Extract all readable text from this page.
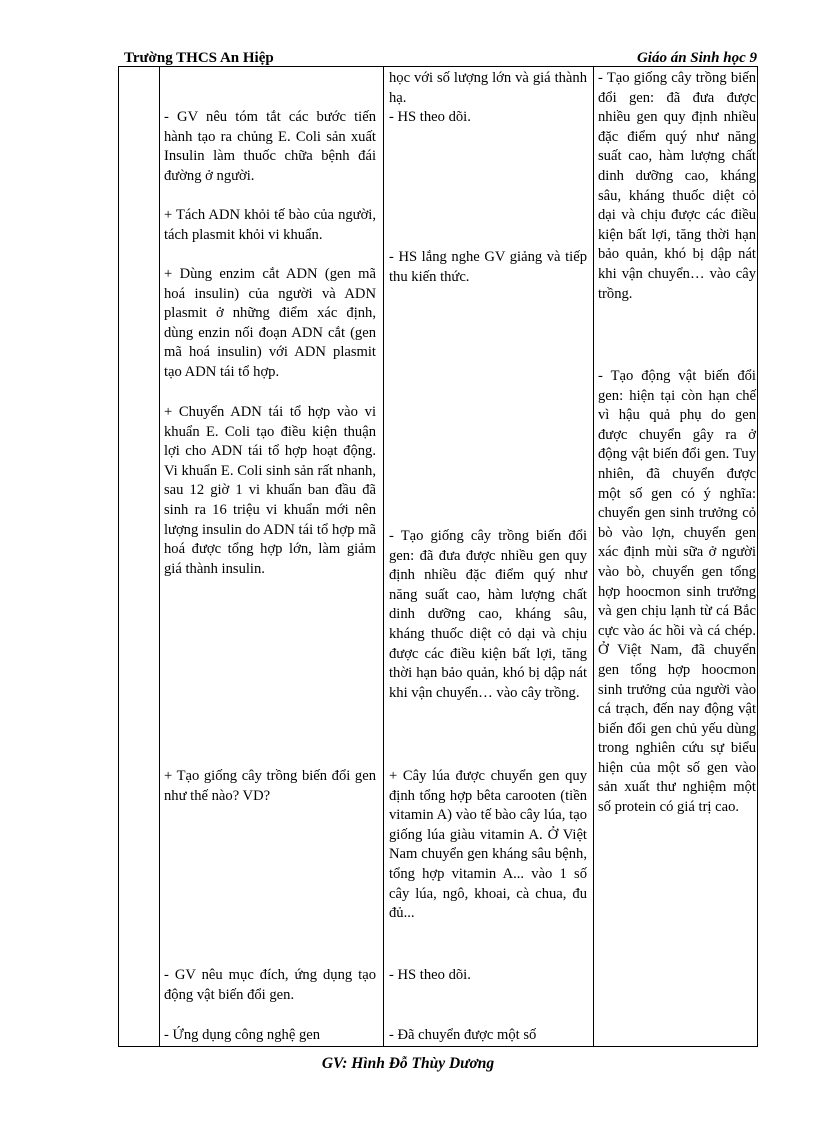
Trường THCS An Hiệp	Giáo án Sinh học 9

- GV nêu tóm tắt các bước tiến hành tạo ra chủng E. Coli sản xuất Insulin làm thuốc chữa bệnh đái đường ở người.

+ Tách ADN khỏi tế bào của người, tách plasmit khỏi vi khuẩn.

+ Dùng enzim cắt ADN (gen mã hoá insulin) của người và ADN plasmit ở những điểm xác định, dùng enzin nối đoạn ADN cắt (gen mã hoá insulin) với ADN plasmit tạo ADN tái tổ hợp.

+ Chuyển ADN tái tổ hợp vào vi khuẩn E. Coli tạo điều kiện thuận lợi cho ADN tái tổ hợp hoạt động. Vi khuẩn E. Coli sinh sản rất nhanh, sau 12 giờ 1 vi khuẩn ban đầu đã sinh ra 16 triệu vi khuẩn mới nên lượng insulin do ADN tái tổ hợp mã hoá được tổng hợp lớn, làm giảm giá thành insulin.

+ Tạo giống cây trồng biến đổi gen như thế nào? VD?

- GV nêu mục đích, ứng dụng tạo động vật biến đổi gen.

- Ứng dụng công nghệ gen

học với số lượng lớn và giá thành hạ.

- HS theo dõi.

- HS lắng nghe GV giảng và tiếp thu kiến thức.

- Tạo giống cây trồng biến đổi gen: đã đưa được nhiều gen quy định nhiều đặc điểm quý như năng suất cao, hàm lượng chất dinh dưỡng cao, kháng sâu, kháng thuốc diệt cỏ dại và chịu được các điều kiện bất lợi, tăng thời hạn bảo quản, khó bị dập nát khi vận chuyển… vào cây trồng.

+ Cây lúa được chuyển gen quy định tổng hợp bêta carooten (tiền vitamin A) vào tế bào cây lúa, tạo giống lúa giàu vitamin A. Ở Việt Nam chuyển gen kháng sâu bệnh, tổng hợp vitamin A... vào 1 số cây lúa, ngô, khoai, cà chua, đu đủ...

- HS theo dõi.

- Đã chuyển được một số

- Tạo giống cây trồng biến đổi gen: đã đưa được nhiều gen quy định nhiều đặc điểm quý như năng suất cao, hàm lượng chất dinh dưỡng cao, kháng sâu, kháng thuốc diệt cỏ dại và chịu được các điều kiện bất lợi, tăng thời hạn bảo quản, khó bị dập nát khi vận chuyển… vào cây trồng.

- Tạo động vật biến đổi gen: hiện tại còn hạn chế vì hậu quả phụ do gen được chuyển gây ra ở động vật biến đổi gen. Tuy nhiên, đã chuyển được một số gen có ý nghĩa: chuyển gen sinh trưởng cỏ bò vào lợn, chuyển gen xác định mùi sữa ở người vào bò, chuyển gen tổng hợp hoocmon sinh trưởng và gen chịu lạnh từ cá Bắc cực vào ác hồi và cá chép. Ở Việt Nam, đã chuyển gen tổng hợp hoocmon sinh trưởng của người vào cá trạch, đến nay động vật biến đổi gen chủ yếu dùng trong nghiên cứu sự biểu hiện của một số gen vào sản xuất thư nghiệm một số protein có giá trị cao.

GV: Hình Đỗ Thùy Dương
